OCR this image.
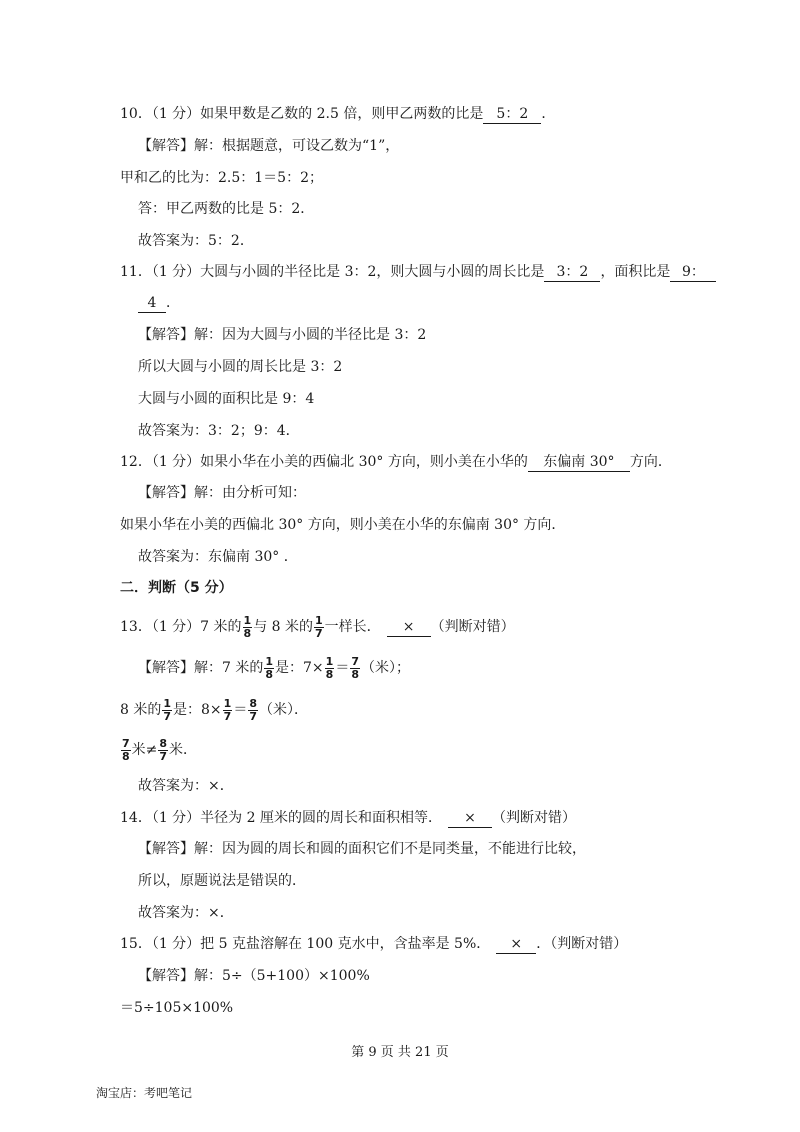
10．（1 分）如果甲数是乙数的 2.5 倍，则甲乙两数的比是 5：2 ．
【解答】解：根据题意，可设乙数为“1”，
甲和乙的比为：2.5：1＝5：2；
答：甲乙两数的比是 5：2．
故答案为：5：2．
11．（1 分）大圆与小圆的半径比是 3：2，则大圆与小圆的周长比是 3：2 ，面积比是 9：
4 ．
【解答】解：因为大圆与小圆的半径比是 3：2
所以大圆与小圆的周长比是 3：2
大圆与小圆的面积比是 9：4
故答案为：3：2；9：4．
12．（1 分）如果小华在小美的西偏北 30° 方向，则小美在小华的 东偏南 30° 方向．
【解答】解：由分析可知：
如果小华在小美的西偏北 30° 方向，则小美在小华的东偏南 30° 方向．
故答案为：东偏南 30° ．
二．判断（5 分）
13．（1 分）7 米的 $\frac{1}{8}$ 与 8 米的 $\frac{1}{7}$ 一样长． × （判断对错）
【解答】解：7 米的 $\frac{1}{8}$ 是：$7\times \frac{1}{8} = \frac{7}{8}$ （米）；
8 米的 $\frac{1}{7}$ 是：$8\times \frac{1}{7} = \frac{8}{7}$ （米）．
$\frac{7}{8}$ 米≠ $\frac{8}{7}$ 米．
故答案为：×．
14．（1 分）半径为 2 厘米的圆的周长和面积相等． × （判断对错）
【解答】解：因为圆的周长和圆的面积它们不是同类量，不能进行比较，
所以，原题说法是错误的．
故答案为：×．
15．（1 分）把 5 克盐溶解在 100 克水中，含盐率是 5%． × ．（判断对错）
【解答】解：5÷（5+100）×100%
＝5÷105×100%
第 9 页 共 21 页
淘宝店：考吧笔记
